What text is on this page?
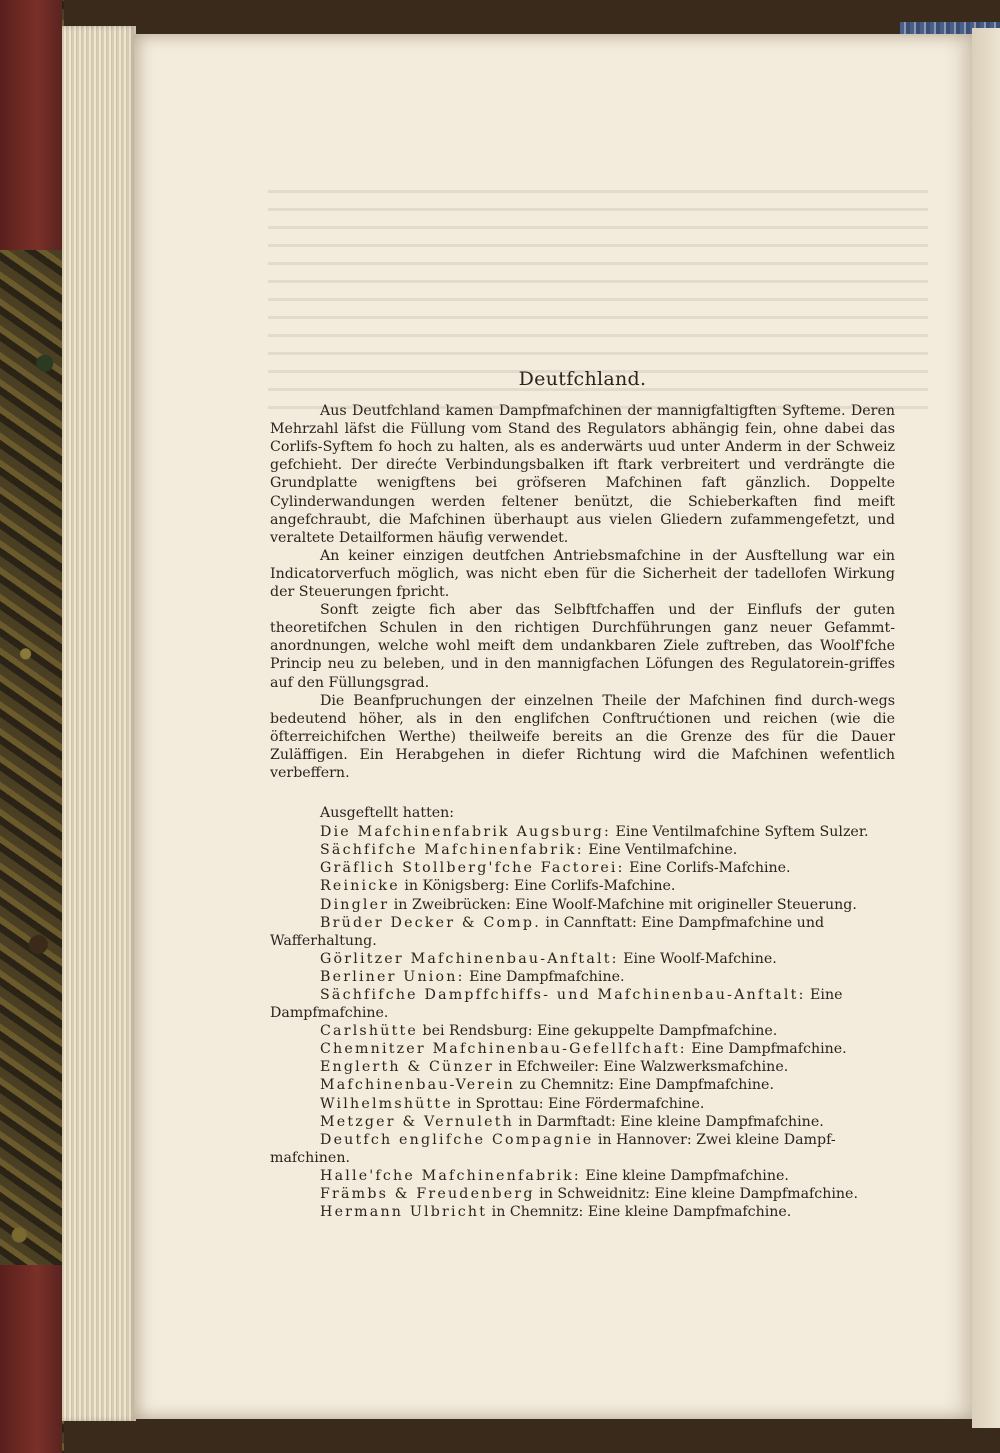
Deutfchland.

Aus Deutfchland kamen Dampfmafchinen der mannigfaltigften Syfteme. Deren Mehrzahl läfst die Füllung vom Stand des Regulators abhängig fein, ohne dabei das Corlifs-Syftem fo hoch zu halten, als es anderwärts uud unter Anderm in der Schweiz gefchieht. Der direćte Verbindungsbalken ift ftark verbreitert und verdrängte die Grundplatte wenigftens bei gröfseren Mafchinen faft gänzlich. Doppelte Cylinderwandungen werden feltener benützt, die Schieberkaften find meift angefchraubt, die Mafchinen überhaupt aus vielen Gliedern zufammengefetzt, und veraltete Detailformen häufig verwendet.

An keiner einzigen deutfchen Antriebsmafchine in der Ausftellung war ein Indicatorverfuch möglich, was nicht eben für die Sicherheit der tadellofen Wirkung der Steuerungen fpricht.

Sonft zeigte fich aber das Selbftfchaffen und der Einflufs der guten theoretifchen Schulen in den richtigen Durchführungen ganz neuer Gefammt-anordnungen, welche wohl meift dem undankbaren Ziele zuftreben, das Woolf'fche Princip neu zu beleben, und in den mannigfachen Löfungen des Regulatorein-griffes auf den Füllungsgrad.

Die Beanfpruchungen der einzelnen Theile der Mafchinen find durch-wegs bedeutend höher, als in den englifchen Conftrućtionen und reichen (wie die öfterreichifchen Werthe) theilweife bereits an die Grenze des für die Dauer Zuläffigen. Ein Herabgehen in diefer Richtung wird die Mafchinen wefentlich verbeffern.

Ausgeftellt hatten:

Die Mafchinenfabrik Augsburg: Eine Ventilmafchine Syftem Sulzer.

Sächfifche Mafchinenfabrik: Eine Ventilmafchine.

Gräflich Stollberg'fche Factorei: Eine Corlifs-Mafchine.

Reinicke in Königsberg: Eine Corlifs-Mafchine.

Dingler in Zweibrücken: Eine Woolf-Mafchine mit origineller Steuerung.

Brüder Decker & Comp. in Cannftatt: Eine Dampfmafchine und Wafferhaltung.

Görlitzer Mafchinenbau-Anftalt: Eine Woolf-Mafchine.

Berliner Union: Eine Dampfmafchine.

Sächfifche Dampffchiffs- und Mafchinenbau-Anftalt: Eine Dampfmafchine.

Carlshütte bei Rendsburg: Eine gekuppelte Dampfmafchine.

Chemnitzer Mafchinenbau-Gefellfchaft: Eine Dampfmafchine.

Englerth & Cünzer in Efchweiler: Eine Walzwerksmafchine.

Mafchinenbau-Verein zu Chemnitz: Eine Dampfmafchine.

Wilhelmshütte in Sprottau: Eine Fördermafchine.

Metzger & Vernuleth in Darmftadt: Eine kleine Dampfmafchine.

Deutfch englifche Compagnie in Hannover: Zwei kleine Dampf-mafchinen.

Halle'fche Mafchinenfabrik: Eine kleine Dampfmafchine.

Främbs & Freudenberg in Schweidnitz: Eine kleine Dampfmafchine.

Hermann Ulbricht in Chemnitz: Eine kleine Dampfmafchine.
